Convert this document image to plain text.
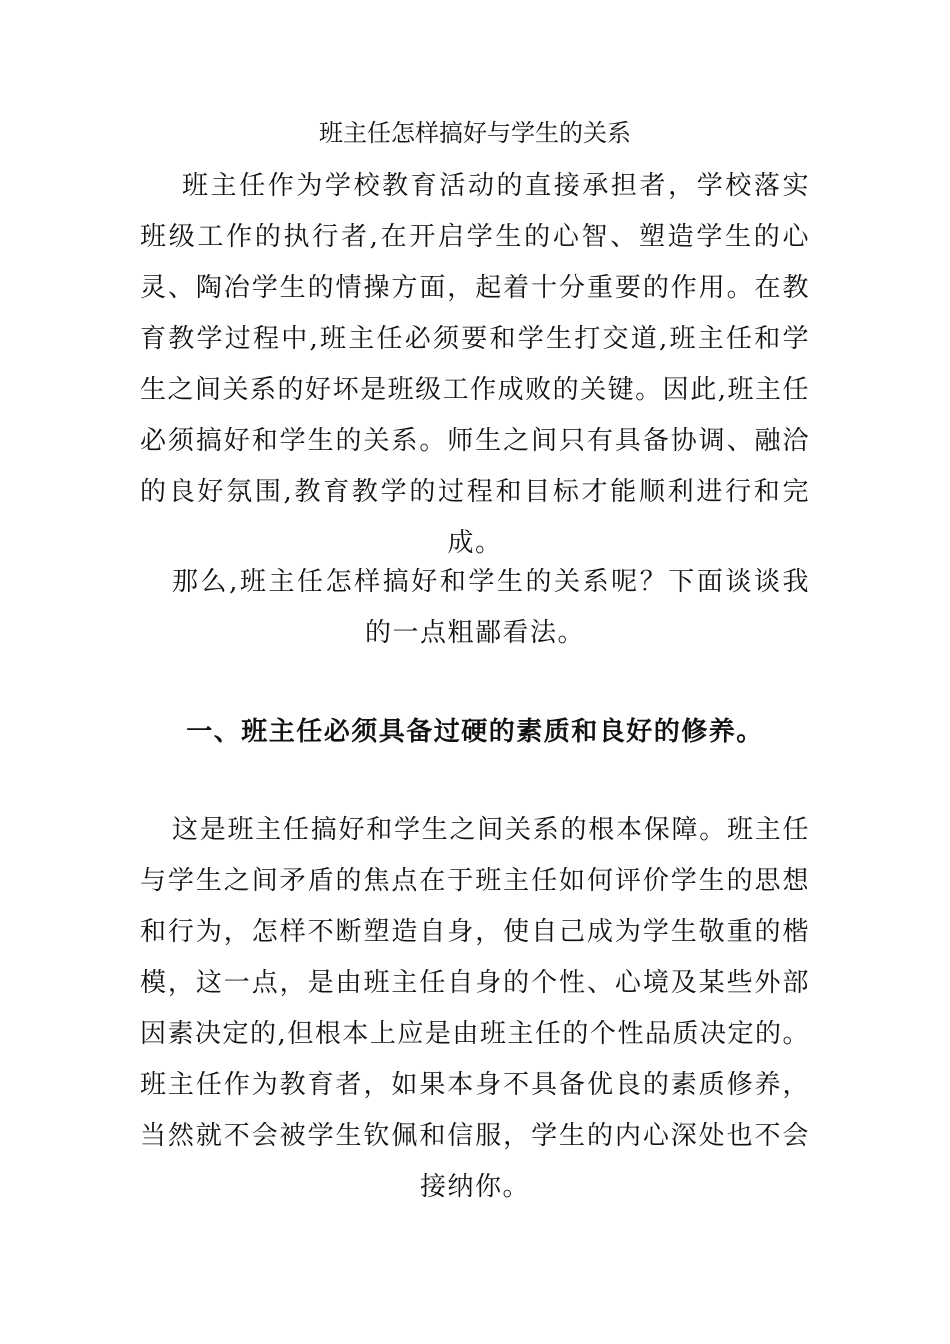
班主任怎样搞好与学生的关系

班主任作为学校教育活动的直接承担者，学校落实班级工作的执行者,在开启学生的心智、塑造学生的心灵、陶冶学生的情操方面，起着十分重要的作用。在教育教学过程中,班主任必须要和学生打交道,班主任和学生之间关系的好坏是班级工作成败的关键。因此,班主任必须搞好和学生的关系。师生之间只有具备协调、融洽的良好氛围,教育教学的过程和目标才能顺利进行和完成。

那么,班主任怎样搞好和学生的关系呢？下面谈谈我的一点粗鄙看法。

一、班主任必须具备过硬的素质和良好的修养。

这是班主任搞好和学生之间关系的根本保障。班主任与学生之间矛盾的焦点在于班主任如何评价学生的思想和行为，怎样不断塑造自身，使自己成为学生敬重的楷模，这一点，是由班主任自身的个性、心境及某些外部因素决定的,但根本上应是由班主任的个性品质决定的。班主任作为教育者，如果本身不具备优良的素质修养，当然就不会被学生钦佩和信服，学生的内心深处也不会接纳你。
